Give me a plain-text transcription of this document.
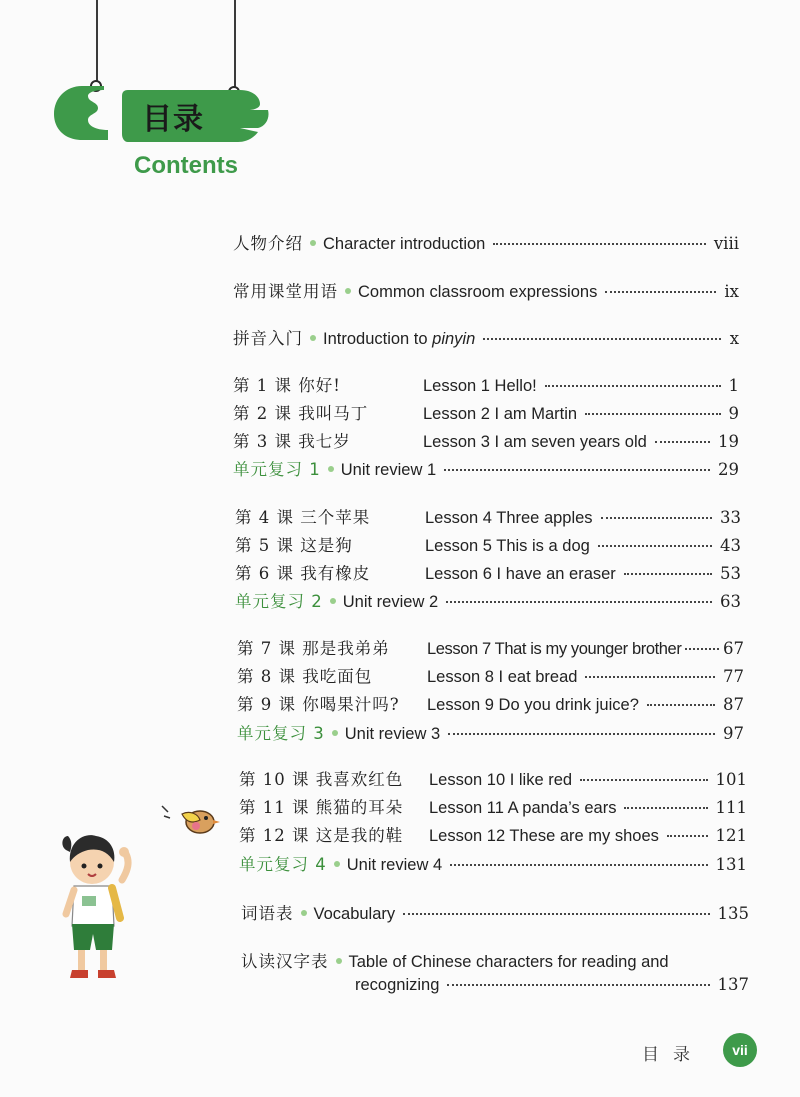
目录
Contents
人物介绍 Character introduction	viii
常用课堂用语 Common classroom expressions	ix
拼音入门 Introduction to pinyin	x
第 1 课 你好!	Lesson 1 Hello!	1
第 2 课 我叫马丁	Lesson 2 I am Martin	9
第 3 课 我七岁	Lesson 3 I am seven years old	19
单元复习 1 Unit review 1	29
第 4 课 三个苹果	Lesson 4 Three apples	33
第 5 课 这是狗	Lesson 5 This is a dog	43
第 6 课 我有橡皮	Lesson 6 I have an eraser	53
单元复习 2 Unit review 2	63
第 7 课 那是我弟弟	Lesson 7 That is my younger brother	67
第 8 课 我吃面包	Lesson 8 I eat bread	77
第 9 课 你喝果汁吗?	Lesson 9 Do you drink juice?	87
单元复习 3 Unit review 3	97
第 10 课 我喜欢红色	Lesson 10 I like red	101
第 11 课 熊猫的耳朵	Lesson 11 A panda’s ears	111
第 12 课 这是我的鞋	Lesson 12 These are my shoes	121
单元复习 4 Unit review 4	131
词语表 Vocabulary	135
认读汉字表 Table of Chinese characters for reading and
recognizing	137
目录	vii
